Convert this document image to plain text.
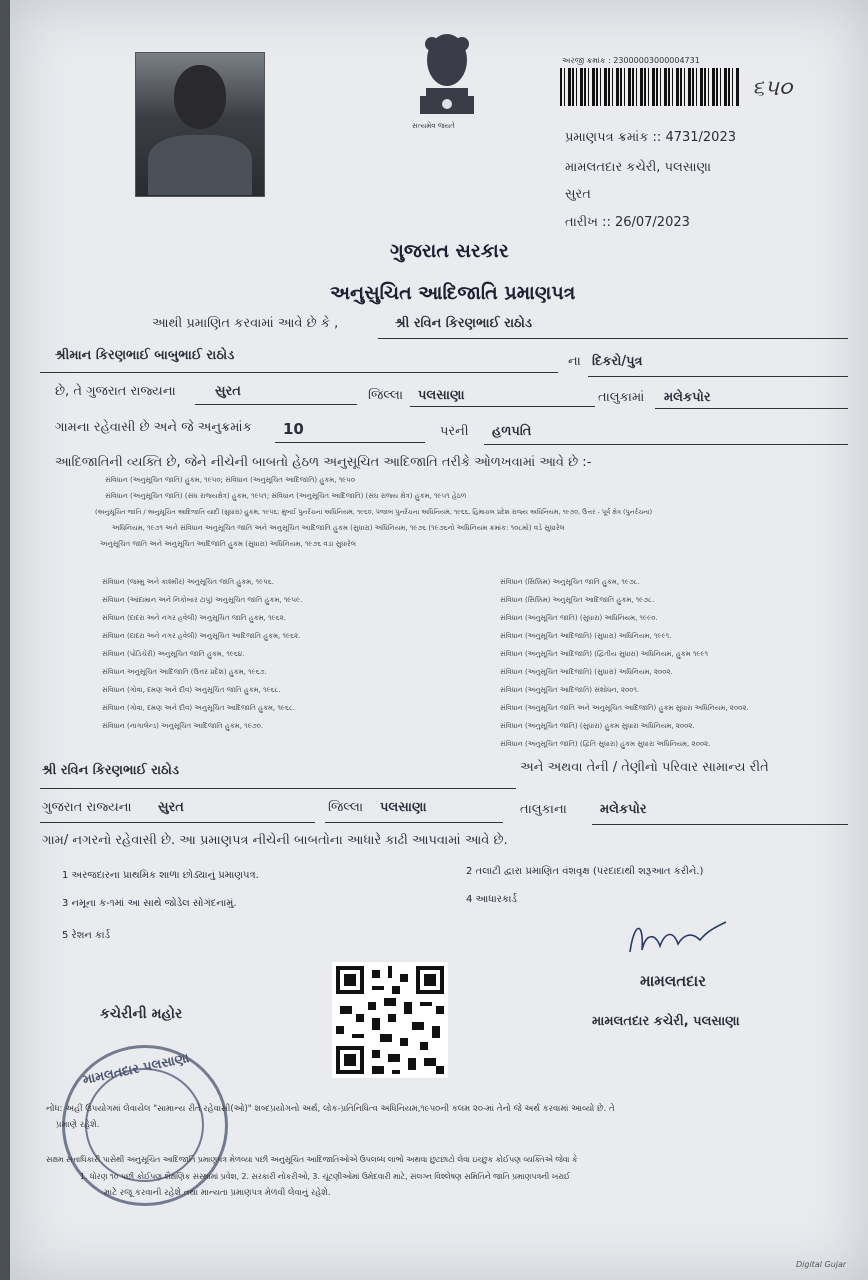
સત્યમેવ જયતે
અરજી ક્રમાંક : 23000003000004731
૬૫૦
પ્રમાણપત્ર ક્રમાંક :: 4731/2023
મામલતદાર કચેરી, પલસાણા
સુરત
તારીખ :: 26/07/2023
ગુજરાત સરકાર
અનુસુચિત આદિજાતિ પ્રમાણપત્ર
આથી પ્રમાણિત કરવામાં આવે છે કે ,	શ્રી રવિન કિરણભાઈ રાઠોડ
શ્રીમાન કિરણભાઈ બાબુભાઈ રાઠોડ	ના દિકરો/પુત્ર
છે, તે ગુજરાત રાજ્યના	સુરત	જિલ્લા પલસાણા	તાલુકામાં મલેકપોર
ગામના રહેવાસી છે અને જે અનુક્રમાંક 10	પરની હળપતિ
આદિજાતિની વ્યક્તિ છે, જેને નીચેની બાબતો હેઠળ અનુસૂચિત આદિજાતિ તરીકે ઓળખવામાં આવે છે :-
સંવિધાન (અનુસૂચિત જાતિ) હુકમ, ૧૯૫૦; સંવિધાન (અનુસૂચિત આદિજાતિ) હુકમ, ૧૯૫૦
સંવિધાન (અનુસૂચિત જાતિ) (સંઘ રાજ્યક્ષેત્ર) હુકમ, ૧૯૫૧; સંવિધાન (અનુસૂચિત આદિજાતિ) (સંઘ રાજ્ય ક્ષેત્ર) હુકમ, ૧૯૫૧ હેઠળ
(અનુસૂચિત જાતિ / અનુસૂચિત આદિજાતિ યાદી (સુધારા) હુકમ, ૧૯૫૬; મુંબઈ પુનર્રચના અધિનિયમ, ૧૯૬૦, પંજાબ પુનર્રચના અધિનિયમ, ૧૯૬૬, હિમાચલ પ્રદેશ રાજ્ય અધિનિયમ, ૧૯૭૦, ઉત્તર - પૂર્વ ક્ષેત્ર (પુનર્રચના)
અધિનિયમ, ૧૯૭૧ અને સંવિધાન અનુસૂચિત જાતિ અને અનુસૂચિત આદિજાતિ હુકમ (સુધારા) અધિનિયમ, ૧૯૭૬ (૧૯૭૬નો અધિનિયમ ક્રમાંક: ૧૦૮મો) વડે સુધારેલ
અનુસૂચિત જાતિ અને અનુસૂચિત આદિજાતિ હુકમ (સુધારા) અધિનિયમ, ૧૯૭૬ વડા સુધારેલ
સંવિધાન (જમ્મુ અને કાશ્મીર) અનુસૂચિત જાતિ હુકમ, ૧૯૫૬.
સંવિધાન (આંદામાન અને નિકોબાર ટાપુ) અનુસૂચિત જાતિ હુકમ, ૧૯૫૯.
સંવિધાન (દાદરા અને નગર હવેલી) અનુસૂચિત જાતિ હુકમ, ૧૯૬૨.
સંવિધાન (દાદરા અને નગર હવેલી) અનુસૂચિત આદિજાતિ હુકમ, ૧૯૬૨.
સંવિધાન (પોંડિચેરી) અનુસૂચિત જાતિ હુકમ, ૧૯૬૪.
સંવિધાન અનુસૂચિત આદિજાતિ (ઉત્તર પ્રદેશ) હુકમ, ૧૯૬૭.
સંવિધાન (ગોવા, દમણ અને દીવ) અનુસૂચિત જાતિ હુકમ, ૧૯૬૮.
સંવિધાન (ગોવા, દમણ અને દીવ) અનુસૂચિત આદિજાતિ હુકમ, ૧૯૬૮.
સંવિધાન (નાગાલેન્ડ) અનુસૂચિત આદિજાતિ હુકમ, ૧૯૭૦.
સંવિધાન (સિક્કિમ) અનુસૂચિત જાતિ હુકમ, ૧૯૭૮.
સંવિધાન (સિક્કિમ) અનુસૂચિત આદિજાતિ હુકમ, ૧૯૭૮.
સંવિધાન (અનુસૂચિત જાતિ) (સુધારા) અધિનિયમ, ૧૯૯૦.
સંવિધાન (અનુસૂચિત આદિજાતિ) (સુધારા) અધિનિયમ, ૧૯૯૧.
સંવિધાન (અનુસૂચિત આદિજાતિ) (દ્વિતીય સુધારા) અધિનિયમ, હુકમ ૧૯૯૧
સંવિધાન (અનુસૂચિત આદિજાતિ) (સુધારા) અધિનિયમ, ૨૦૦૨.
સંવિધાન (અનુસૂચિત આદિજાતિ) સંશોધન, ૨૦૦૧.
સંવિધાન (અનુસૂચિત જાતિ અને અનુસૂચિત આદિજાતિ) હુકમ સુધારા અધિનિયમ, ૨૦૦૨.
સંવિધાન (અનુસૂચિત જાતિ) (સુધારા) હુકમ સુધારા અધિનિયમ, ૨૦૦૨.
સંવિધાન (અનુસૂચિત જાતિ) (દ્વિતિ સુધારા) હુકમ સુધારા અધિનિયમ, ૨૦૦૨.
શ્રી રવિન કિરણભાઈ રાઠોડ	અને અથવા તેની / તેણીનો પરિવાર સામાન્ય રીતે
ગુજરાત રાજ્યના સુરત	જિલ્લા પલસાણા	તાલુકાના	મલેકપોર
ગામ/ નગરનો રહેવાસી છે. આ પ્રમાણપત્ર નીચેની બાબતોના આધારે કાઢી આપવામાં આવે છે.
1 અરજદારના પ્રાથમિક શાળા છોડ્યાનું પ્રમાણપત્ર.	2 તલાટી દ્વારા પ્રમાણિત વંશવૃક્ષ (પરદાદાથી શરૂઆત કરીને.)
3 નમૂના ક-૧માં આ સાથે જોડેલ સોગંદનામું.	4 આધારકાર્ડ
5 રેશન કાર્ડ
મામલતદાર
મામલતદાર કચેરી, પલસાણા
કચેરીની મહોર
મામલતદાર પલસાણા
નોંધ: અહીં ઉપયોગમાં લેવાયેલ "સામાન્ય રીતે રહેવાસી(ઓ)" શબ્દપ્રયોગનો અર્થ, લોક-પ્રતિનિધિત્વ અધિનિયમ,૧૯૫૦ની કલમ ૨૦-માં તેનો જે અર્થ કરવામાં આવ્યો છે. તે
પ્રમાણે રહેશે.
સક્ષમ સત્તાધિકારી પાસેથી અનુસૂચિત આદિજાતિ પ્રમાણપત્ર મેળવ્યા પછી અનુસૂચિત આદિજાતિઓએ ઉપલબ્ધ લાભો અથવા છુટછાટો લેવા ઇચ્છુક કોઈપણ વ્યક્તિએ જેવા કે
1. ધોરણ ૧૦ પછી કોઈપણ શૈક્ષણિક સંસ્થામાં પ્રવેશ, 2. સરકારી નોકરીઓ, 3. ચૂંટણીઓમાં ઉમેદવારી માટે, સંલગ્ન વિશ્લેષણ સમિતિને જાતિ પ્રમાણપત્રની ખરાઈ
માટે રજૂ કરવાની રહેશે તથા માન્યતા પ્રમાણપત્ર મેળવી લેવાનું રહેશે.
Digital Gujar
